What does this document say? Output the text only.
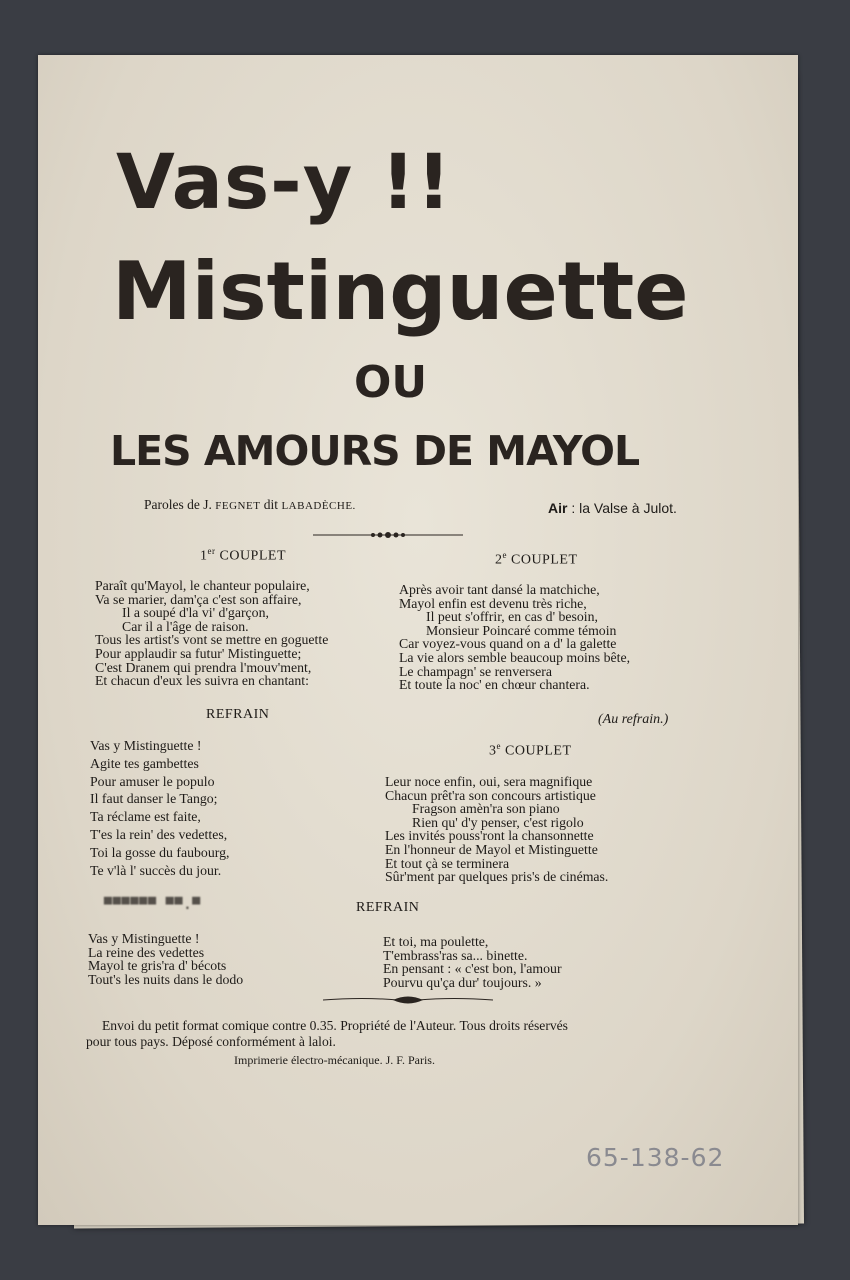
Vas-y !!
Mistinguette
OU
LES AMOURS DE MAYOL
Paroles de J. FEGNET dit LABADÈCHE.	Air : la Valse à Julot.
1er COUPLET
Paraît qu'Mayol, le chanteur populaire,
Va se marier, dam'ça c'est son affaire,
Il a soupé d'la vi' d'garçon,
Car il a l'âge de raison.
Tous les artist's vont se mettre en goguette
Pour applaudir sa futur' Mistinguette;
C'est Dranem qui prendra l'mouv'ment,
Et chacun d'eux les suivra en chantant:
2e COUPLET
Après avoir tant dansé la matchiche,
Mayol enfin est devenu très riche,
Il peut s'offrir, en cas d' besoin,
Monsieur Poincaré comme témoin
Car voyez-vous quand on a d' la galette
La vie alors semble beaucoup moins bête,
Le champagn' se renversera
Et toute la noc' en chœur chantera.
(Au refrain.)
REFRAIN
Vas y Mistinguette !
Agite tes gambettes
Pour amuser le populo
Il faut danser le Tango;
Ta réclame est faite,
T'es la rein' des vedettes,
Toi la gosse du faubourg,
Te v'là l' succès du jour.
3e COUPLET
Leur noce enfin, oui, sera magnifique
Chacun prêt'ra son concours artistique
Fragson amèn'ra son piano
Rien qu' d'y penser, c'est rigolo
Les invités pouss'ront la chansonnette
En l'honneur de Mayol et Mistinguette
Et tout çà se terminera
Sûr'ment par quelques pris's de cinémas.
▀▀▀▀▀▀ ▀▀.▀	REFRAIN
Vas y Mistinguette !
La reine des vedettes
Mayol te gris'ra d' bécots
Tout's les nuits dans le dodo
Et toi, ma poulette,
T'embrass'ras sa... binette.
En pensant : « c'est bon, l'amour
Pourvu qu'ça dur' toujours. »
Envoi du petit format comique contre 0.35. Propriété de l'Auteur. Tous droits réservés
pour tous pays. Déposé conformément à laloi.
Imprimerie électro-mécanique. J. F. Paris.
65-138-62
